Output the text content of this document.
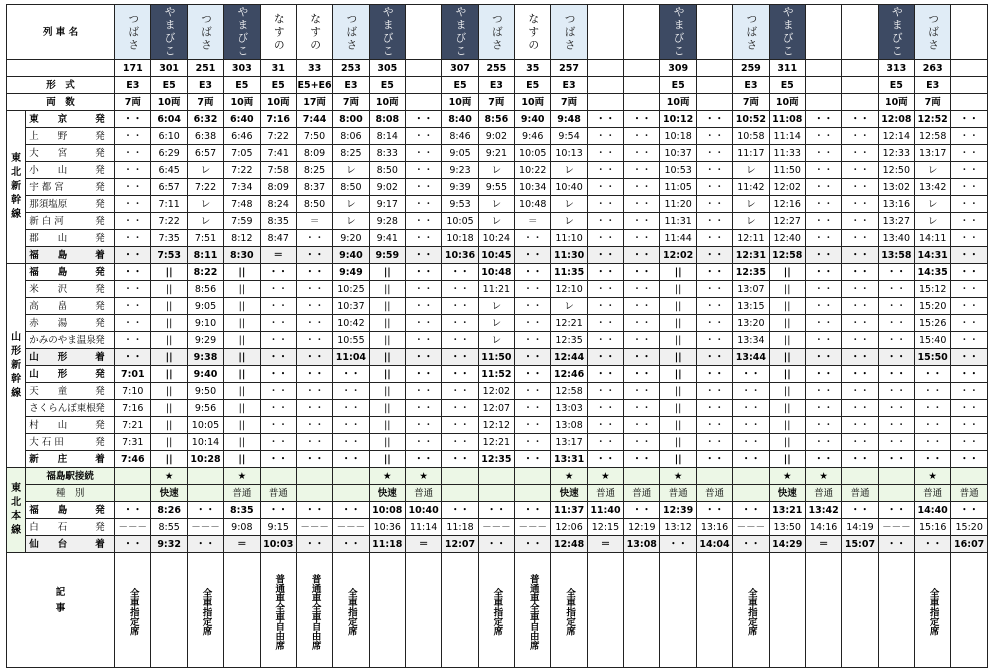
列 車 名		つばさ	やまびこ	つばさ	やまびこ	なすの	なすの	つばさ	やまびこ		やまびこ	つばさ	なすの	つばさ			やまびこ		つばさ	やまびこ			やまびこ	つばさ	

		171	301	251	303	31	33	253	305		307	255	35	257			309		259	311			313	263	
形　式		E3	E5	E3	E5	E5	E5+E6	E3	E5		E5	E3	E5	E3			E5		E3	E5			E5	E3	
両　数		7両	10両	7両	10両	10両	17両	7両	10両		10両	7両	10両	7両			10両		7両	10両			10両	7両	
東北新幹線	東　　京 発	・・	6:04	6:32	6:40	7:16	7:44	8:00	8:08	・・	8:40	8:56	9:40	9:48	・・	・・	10:12	・・	10:52	11:08	・・	・・	12:08	12:52	・・
	上　　野 発	・・	6:10	6:38	6:46	7:22	7:50	8:06	8:14	・・	8:46	9:02	9:46	9:54	・・	・・	10:18	・・	10:58	11:14	・・	・・	12:14	12:58	・・
	大　　宮 発	・・	6:29	6:57	7:05	7:41	8:09	8:25	8:33	・・	9:05	9:21	10:05	10:13	・・	・・	10:37	・・	11:17	11:33	・・	・・	12:33	13:17	・・
	小　　山 発	・・	6:45	レ	7:22	7:58	8:25	レ	8:50	・・	9:23	レ	10:22	レ	・・	・・	10:53	・・	レ	11:50	・・	・・	12:50	レ	・・
	宇 都 宮 発	・・	6:57	7:22	7:34	8:09	8:37	8:50	9:02	・・	9:39	9:55	10:34	10:40	・・	・・	11:05	・・	11:42	12:02	・・	・・	13:02	13:42	・・
	那須塩原 発	・・	7:11	レ	7:48	8:24	8:50	レ	9:17	・・	9:53	レ	10:48	レ	・・	・・	11:20	・・	レ	12:16	・・	・・	13:16	レ	・・
	新 白 河 発	・・	7:22	レ	7:59	8:35	＝	レ	9:28	・・	10:05	レ	＝	レ	・・	・・	11:31	・・	レ	12:27	・・	・・	13:27	レ	・・
	郡　　山 発	・・	7:35	7:51	8:12	8:47	・・	9:20	9:41	・・	10:18	10:24	・・	11:10	・・	・・	11:44	・・	12:11	12:40	・・	・・	13:40	14:11	・・
	福　　島 着	・・	7:53	8:11	8:30	＝	・・	9:40	9:59	・・	10:36	10:45	・・	11:30	・・	・・	12:02	・・	12:31	12:58	・・	・・	13:58	14:31	・・
山形新幹線	福　　島 発	・・	||	8:22	||	・・	・・	9:49	||	・・	・・	10:48	・・	11:35	・・	・・	||	・・	12:35	||	・・	・・	・・	14:35	・・
	米　　沢 発	・・	||	8:56	||	・・	・・	10:25	||	・・	・・	11:21	・・	12:10	・・	・・	||	・・	13:07	||	・・	・・	・・	15:12	・・
	高　　畠 発	・・	||	9:05	||	・・	・・	10:37	||	・・	・・	レ	・・	レ	・・	・・	||	・・	13:15	||	・・	・・	・・	15:20	・・
	赤　　湯 発	・・	||	9:10	||	・・	・・	10:42	||	・・	・・	レ	・・	12:21	・・	・・	||	・・	13:20	||	・・	・・	・・	15:26	・・
	かみのやま温泉発	・・	||	9:29	||	・・	・・	10:55	||	・・	・・	レ	・・	12:35	・・	・・	||	・・	13:34	||	・・	・・	・・	15:40	・・
	山　　形 着	・・	||	9:38	||	・・	・・	11:04	||	・・	・・	11:50	・・	12:44	・・	・・	||	・・	13:44	||	・・	・・	・・	15:50	・・
	山　　形 発	7:01	||	9:40	||	・・	・・	・・	||	・・	・・	11:52	・・	12:46	・・	・・	||	・・	・・	||	・・	・・	・・	・・	・・
	天　　童 発	7:10	||	9:50	||	・・	・・	・・	||	・・	・・	12:02	・・	12:58	・・	・・	||	・・	・・	||	・・	・・	・・	・・	・・
	さくらんぼ東根発	7:16	||	9:56	||	・・	・・	・・	||	・・	・・	12:07	・・	13:03	・・	・・	||	・・	・・	||	・・	・・	・・	・・	・・
	村　　山 発	7:21	||	10:05	||	・・	・・	・・	||	・・	・・	12:12	・・	13:08	・・	・・	||	・・	・・	||	・・	・・	・・	・・	・・
	大 石 田 発	7:31	||	10:14	||	・・	・・	・・	||	・・	・・	12:21	・・	13:17	・・	・・	||	・・	・・	||	・・	・・	・・	・・	・・
	新　　庄 着	7:46	||	10:28	||	・・	・・	・・	||	・・	・・	12:35	・・	13:31	・・	・・	||	・・	・・	||	・・	・・	・・	・・	・・
東北本線	福島駅接続		★		★				★	★				★	★		★			★	★			★	
	種　別		快速		普通	普通			快速	普通				快速	普通	普通	普通	普通		快速	普通	普通		普通	普通
	福　　島 発	・・	8:26	・・	8:35	・・	・・	・・	10:08	10:40	・・	・・	・・	11:37	11:40	・・	12:39	・・	・・	13:21	13:42	・・	・・	14:40	・・
	白　　石 発	－－－	8:55	－－－	9:08	9:15	－－－	－－－	10:36	11:14	11:18	－－－	－－－	12:06	12:15	12:19	13:12	13:16	－－－	13:50	14:16	14:19	－－－	15:16	15:20
	仙　　台 着	・・	9:32	・・	＝	10:03	・・	・・	11:18	＝	12:07	・・	・・	12:48	＝	13:08	・・	14:04	・・	14:29	＝	15:07	・・	・・	16:07

記
事		全車指定席		全車指定席		普通車全車自由席	普通車全車自由席	全車指定席				全車指定席	普通車全車自由席	全車指定席					全車指定席					全車指定席	
